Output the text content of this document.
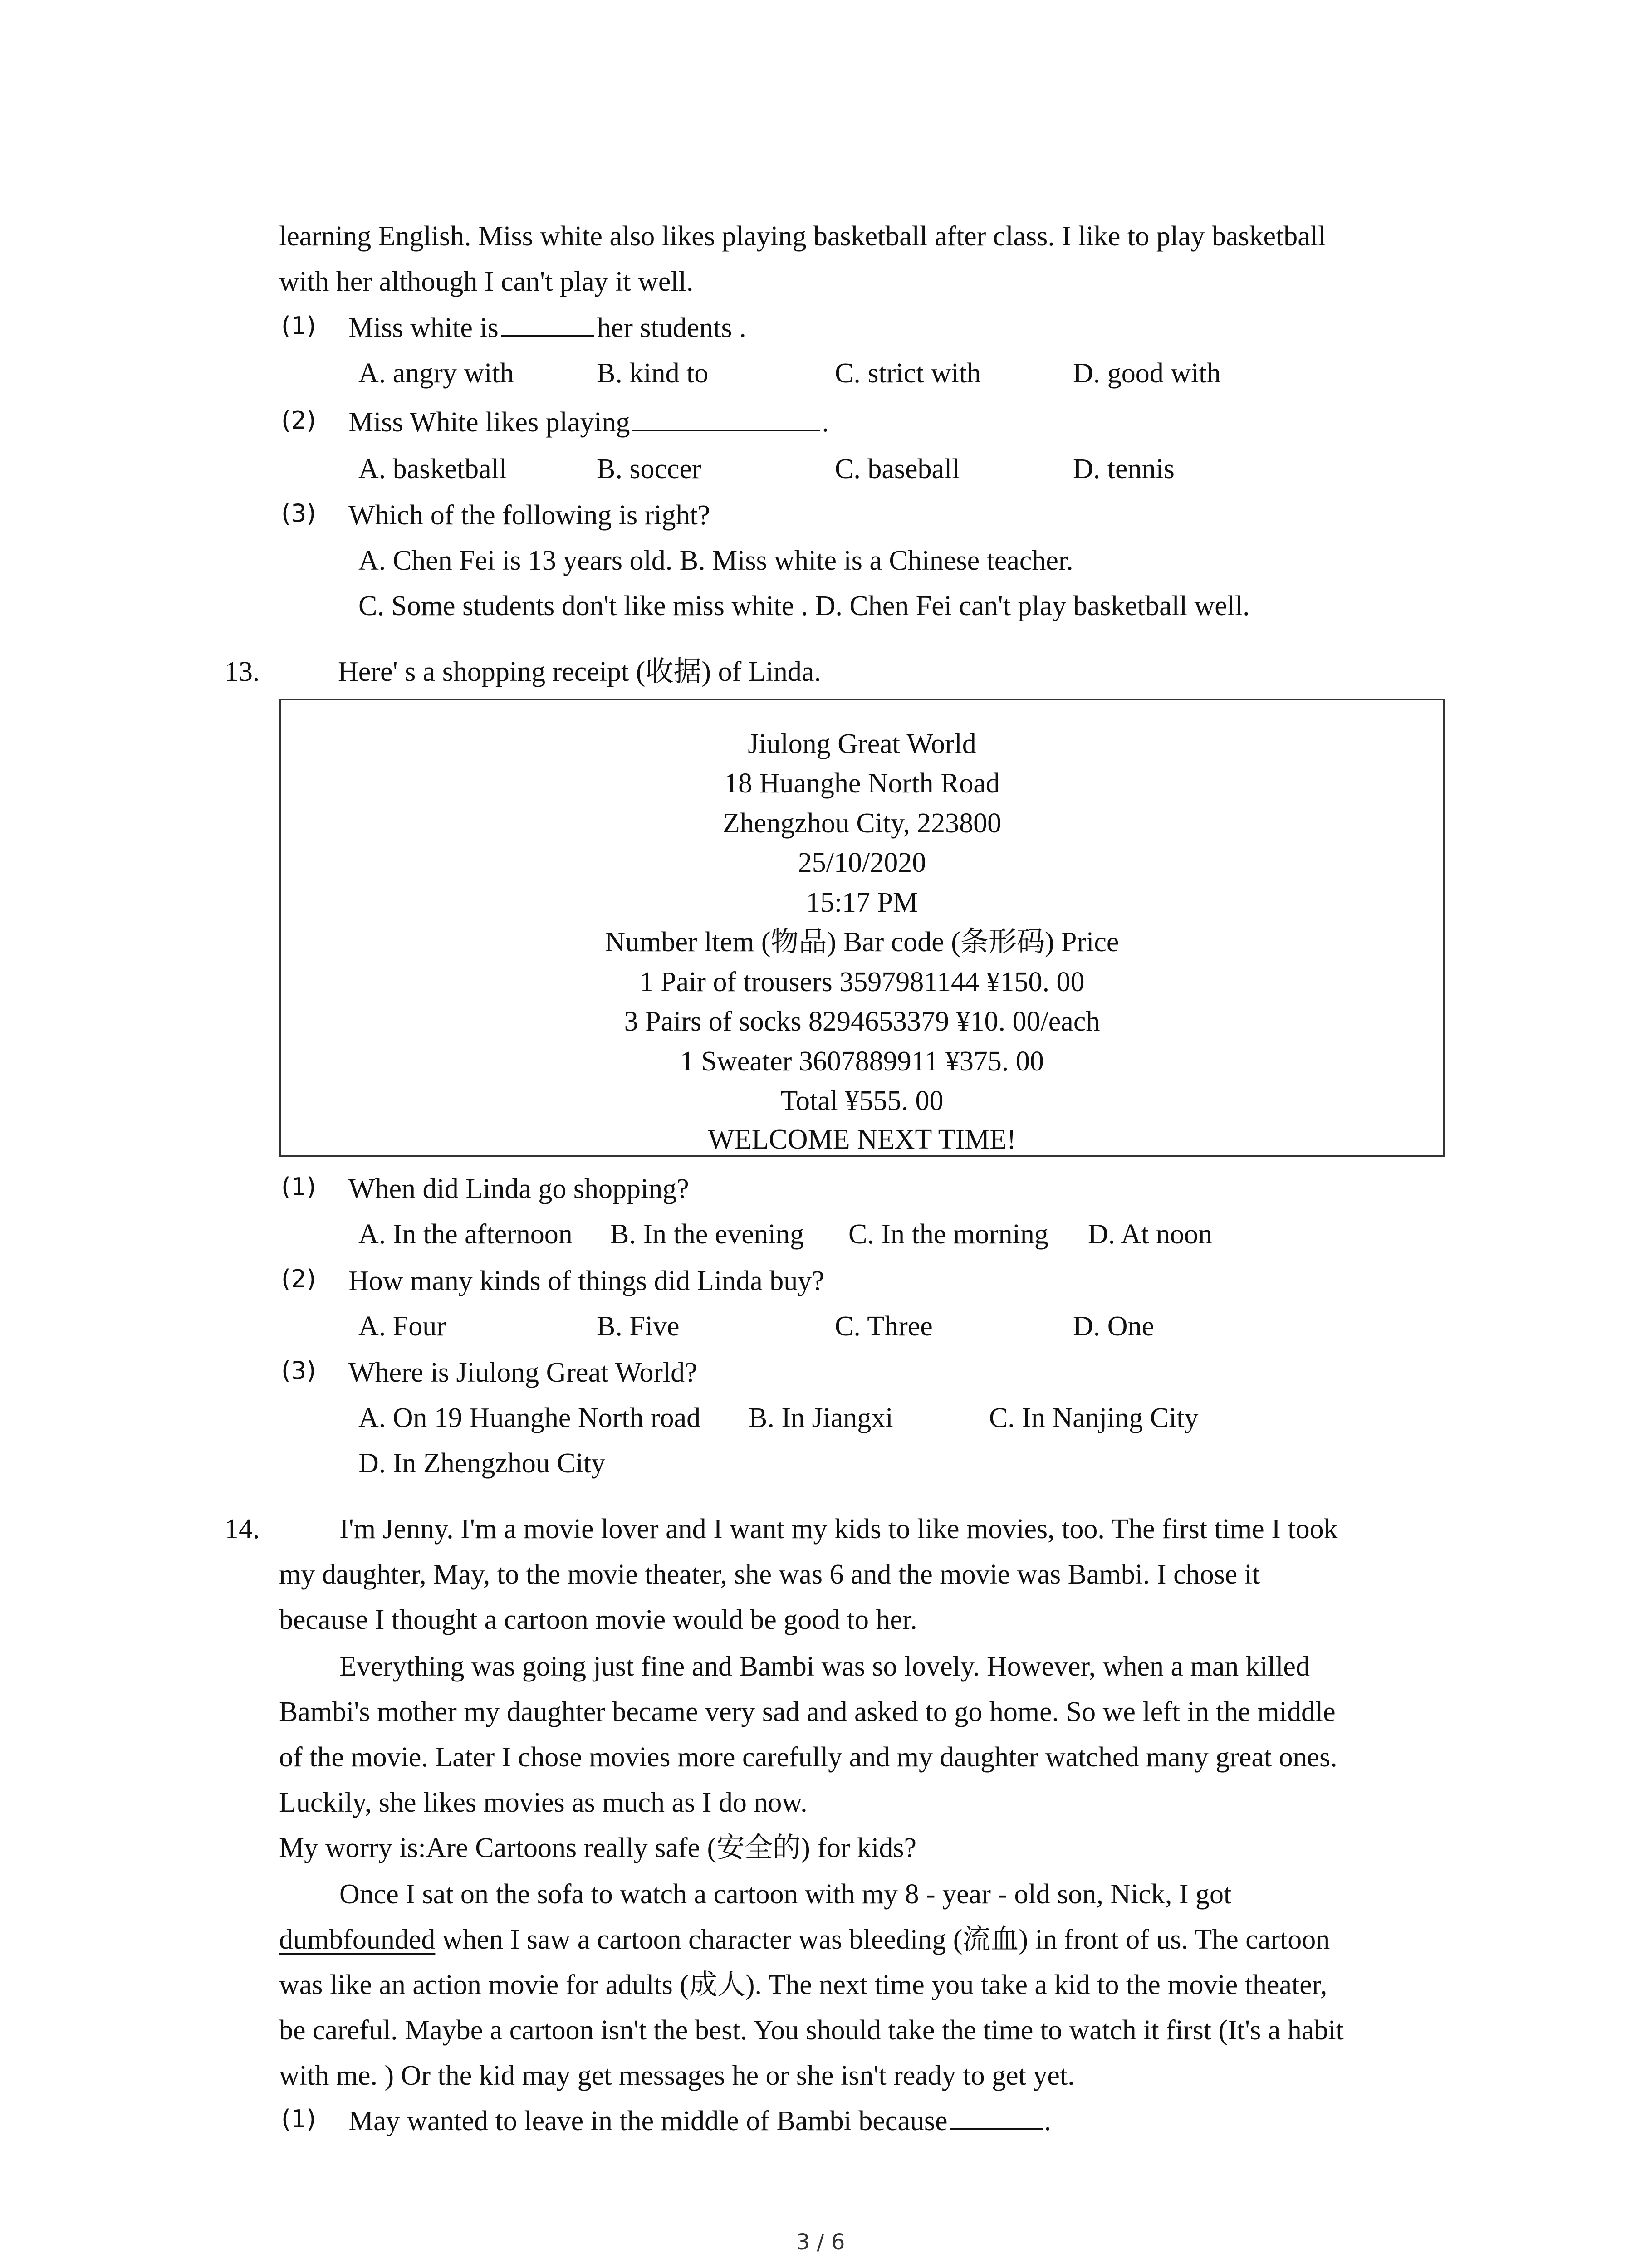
learning English. Miss white also likes playing basketball after class. I like to play basketball
with her although I can't play it well.
(1) Miss white is	her students .
A. angry with	B. kind to	C. strict with	D. good with
(2) Miss White likes playing	.
A. basketball	B. soccer	C. baseball	D. tennis
(3) Which of the following is right?
A. Chen Fei is 13 years old. B. Miss white is a Chinese teacher.
C. Some students don't like miss white . D. Chen Fei can't play basketball well.
13.	Here' s a shopping receipt (收据) of Linda.
Jiulong Great World
18 Huanghe North Road
Zhengzhou City, 223800
25/10/2020
15:17 PM
Number ltem (物品) Bar code (条形码) Price
1 Pair of trousers 3597981144 ¥150. 00
3 Pairs of socks 8294653379 ¥10. 00/each
1 Sweater 3607889911 ¥375. 00
Total ¥555. 00
WELCOME NEXT TIME!
(1) When did Linda go shopping?
A. In the afternoon B. In the evening C. In the morning D. At noon
(2) How many kinds of things did Linda buy?
A. Four	B. Five	C. Three	D. One
(3) Where is Jiulong Great World?
A. On 19 Huanghe North road B. In Jiangxi	C. In Nanjing City
D. In Zhengzhou City
14.	I'm Jenny. I'm a movie lover and I want my kids to like movies, too. The first time I took
my daughter, May, to the movie theater, she was 6 and the movie was Bambi. I chose it
because I thought a cartoon movie would be good to her.
Everything was going just fine and Bambi was so lovely. However, when a man killed
Bambi's mother my daughter became very sad and asked to go home. So we left in the middle
of the movie. Later I chose movies more carefully and my daughter watched many great ones.
Luckily, she likes movies as much as I do now.
My worry is:Are Cartoons really safe (安全的) for kids?
Once I sat on the sofa to watch a cartoon with my 8 - year - old son, Nick, I got
dumbfounded when I saw a cartoon character was bleeding (流血) in front of us. The cartoon
was like an action movie for adults (成人). The next time you take a kid to the movie theater,
be careful. Maybe a cartoon isn't the best. You should take the time to watch it first (It's a habit
with me. ) Or the kid may get messages he or she isn't ready to get yet.
(1) May wanted to leave in the middle of Bambi because	.
3 / 6
